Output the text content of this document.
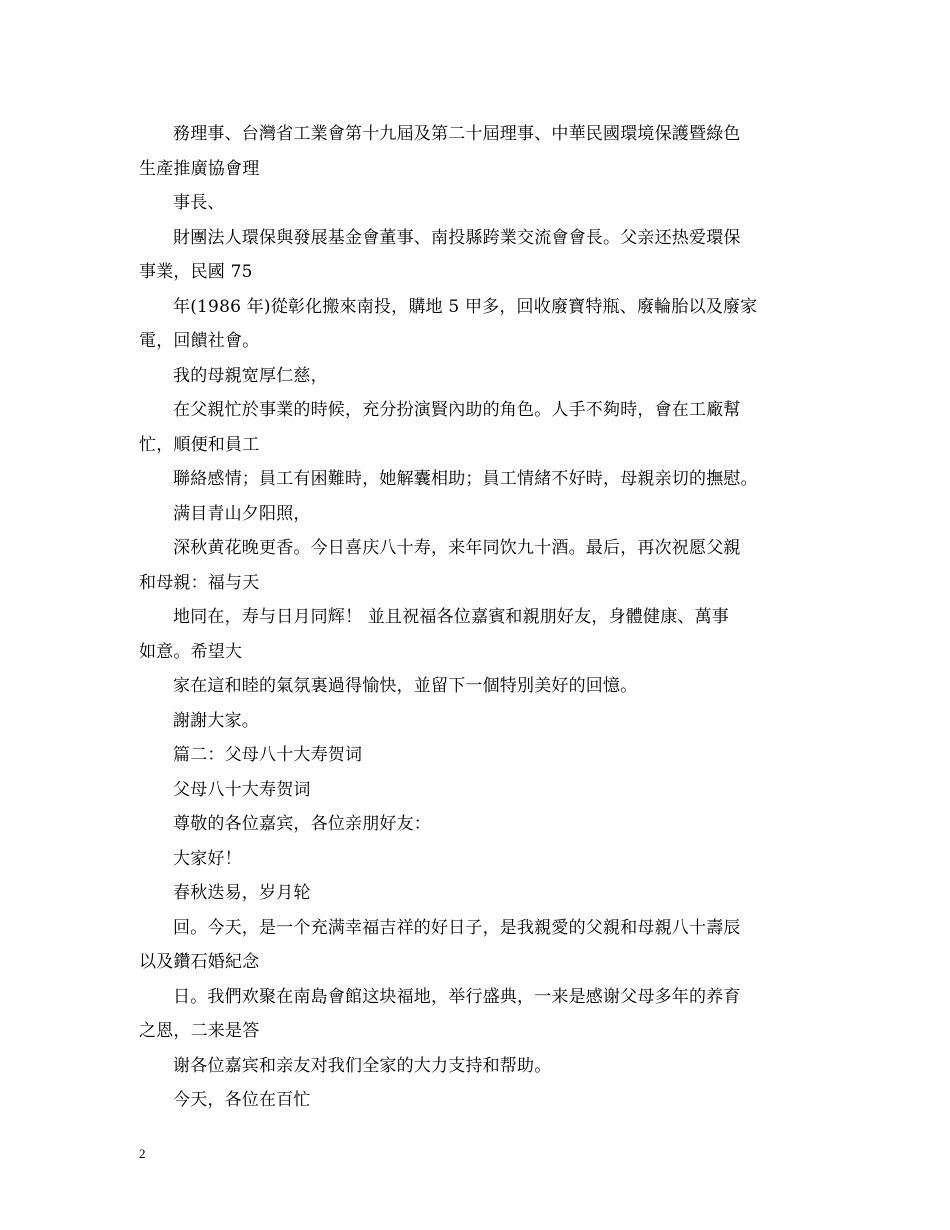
務理事、台灣省工業會第十九屆及第二十屆理事、中華民國環境保護暨綠色
生產推廣協會理
事長、
財團法人環保與發展基金會董事、南投縣跨業交流會會長。父亲还热爱環保
事業，民國 75
年(1986 年)從彰化搬來南投，購地 5 甲多，回收廢寶特瓶、廢輪胎以及廢家
電，回饋社會。
我的母親宽厚仁慈，
在父親忙於事業的時候，充分扮演賢內助的角色。人手不夠時，會在工廠幫
忙，順便和員工
聯絡感情；員工有困難時，她解囊相助；員工情緒不好時，母親亲切的撫慰。
满目青山夕阳照，
深秋黄花晚更香。今日喜庆八十寿，来年同饮九十酒。最后，再次祝愿父親
和母親：福与天
地同在，寿与日月同辉！ 並且祝福各位嘉賓和親朋好友，身體健康、萬事
如意。希望大
家在這和睦的氣氛裏過得愉快，並留下一個特別美好的回憶。
謝謝大家。
篇二：父母八十大寿贺词
父母八十大寿贺词
尊敬的各位嘉宾，各位亲朋好友：
大家好！
春秋迭易，岁月轮
回。今天，是一个充满幸福吉祥的好日子，是我親愛的父親和母親八十壽辰
以及鑽石婚紀念
日。我們欢聚在南島會館这块福地，举行盛典，一来是感谢父母多年的养育
之恩，二来是答
谢各位嘉宾和亲友对我们全家的大力支持和帮助。
今天，各位在百忙
2
